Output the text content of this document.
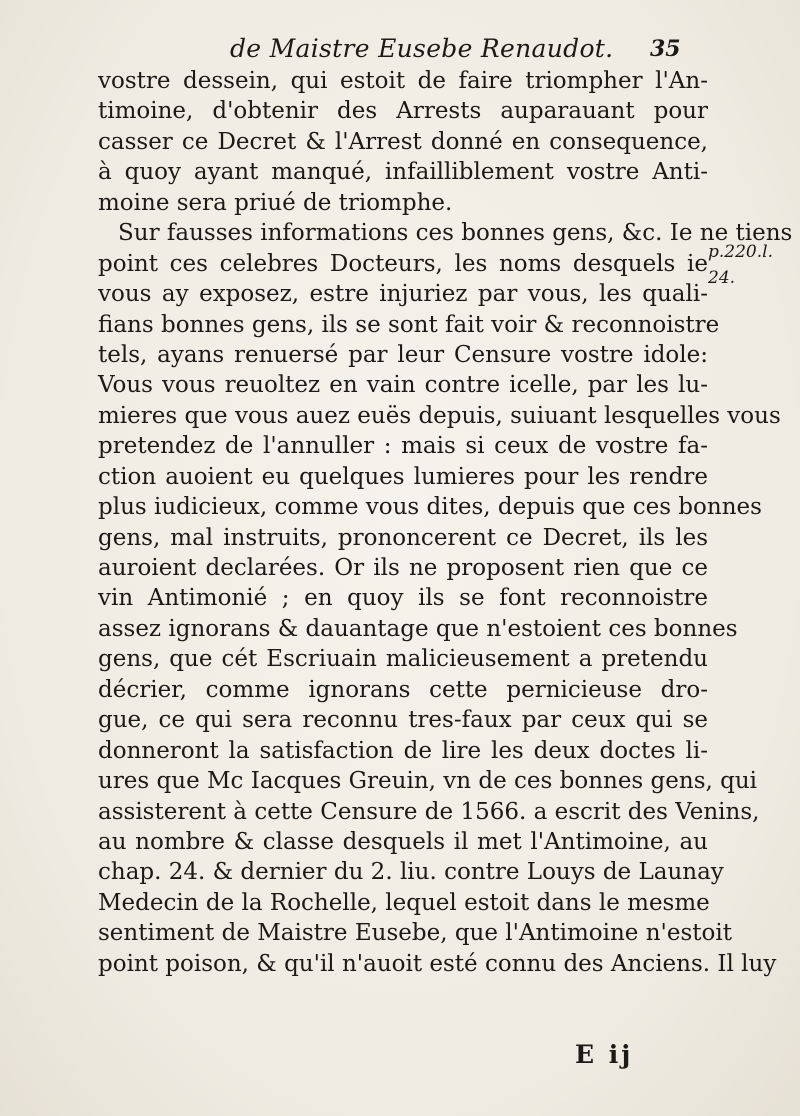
de Maistre Eusebe Renaudot. 35
p.220.l.
24.
vostre dessein, qui estoit de faire triompher l'An-
timoine, d'obtenir des Arrests auparauant pour
casser ce Decret & l'Arrest donné en consequence,
à quoy ayant manqué, infailliblement vostre Anti-
moine sera priué de triomphe.
Sur fausses informations ces bonnes gens, &c. Ie ne tiens
point ces celebres Docteurs, les noms desquels ie
vous ay exposez, estre injuriez par vous, les quali-
fians bonnes gens, ils se sont fait voir & reconnoistre
tels, ayans renuersé par leur Censure vostre idole:
Vous vous reuoltez en vain contre icelle, par les lu-
mieres que vous auez euës depuis, suiuant lesquelles vous
pretendez de l'annuller : mais si ceux de vostre fa-
ction auoient eu quelques lumieres pour les rendre
plus iudicieux, comme vous dites, depuis que ces bonnes
gens, mal instruits, prononcerent ce Decret, ils les
auroient declarées. Or ils ne proposent rien que ce
vin Antimonié ; en quoy ils se font reconnoistre
assez ignorans & dauantage que n'estoient ces bonnes
gens, que cét Escriuain malicieusement a pretendu
décrier, comme ignorans cette pernicieuse dro-
gue, ce qui sera reconnu tres-faux par ceux qui se
donneront la satisfaction de lire les deux doctes li-
ures que Mc Iacques Greuin, vn de ces bonnes gens, qui
assisterent à cette Censure de 1566. a escrit des Venins,
au nombre & classe desquels il met l'Antimoine, au
chap. 24. & dernier du 2. liu. contre Louys de Launay
Medecin de la Rochelle, lequel estoit dans le mesme
sentiment de Maistre Eusebe, que l'Antimoine n'estoit
point poison, & qu'il n'auoit esté connu des Anciens. Il luy
E ij
